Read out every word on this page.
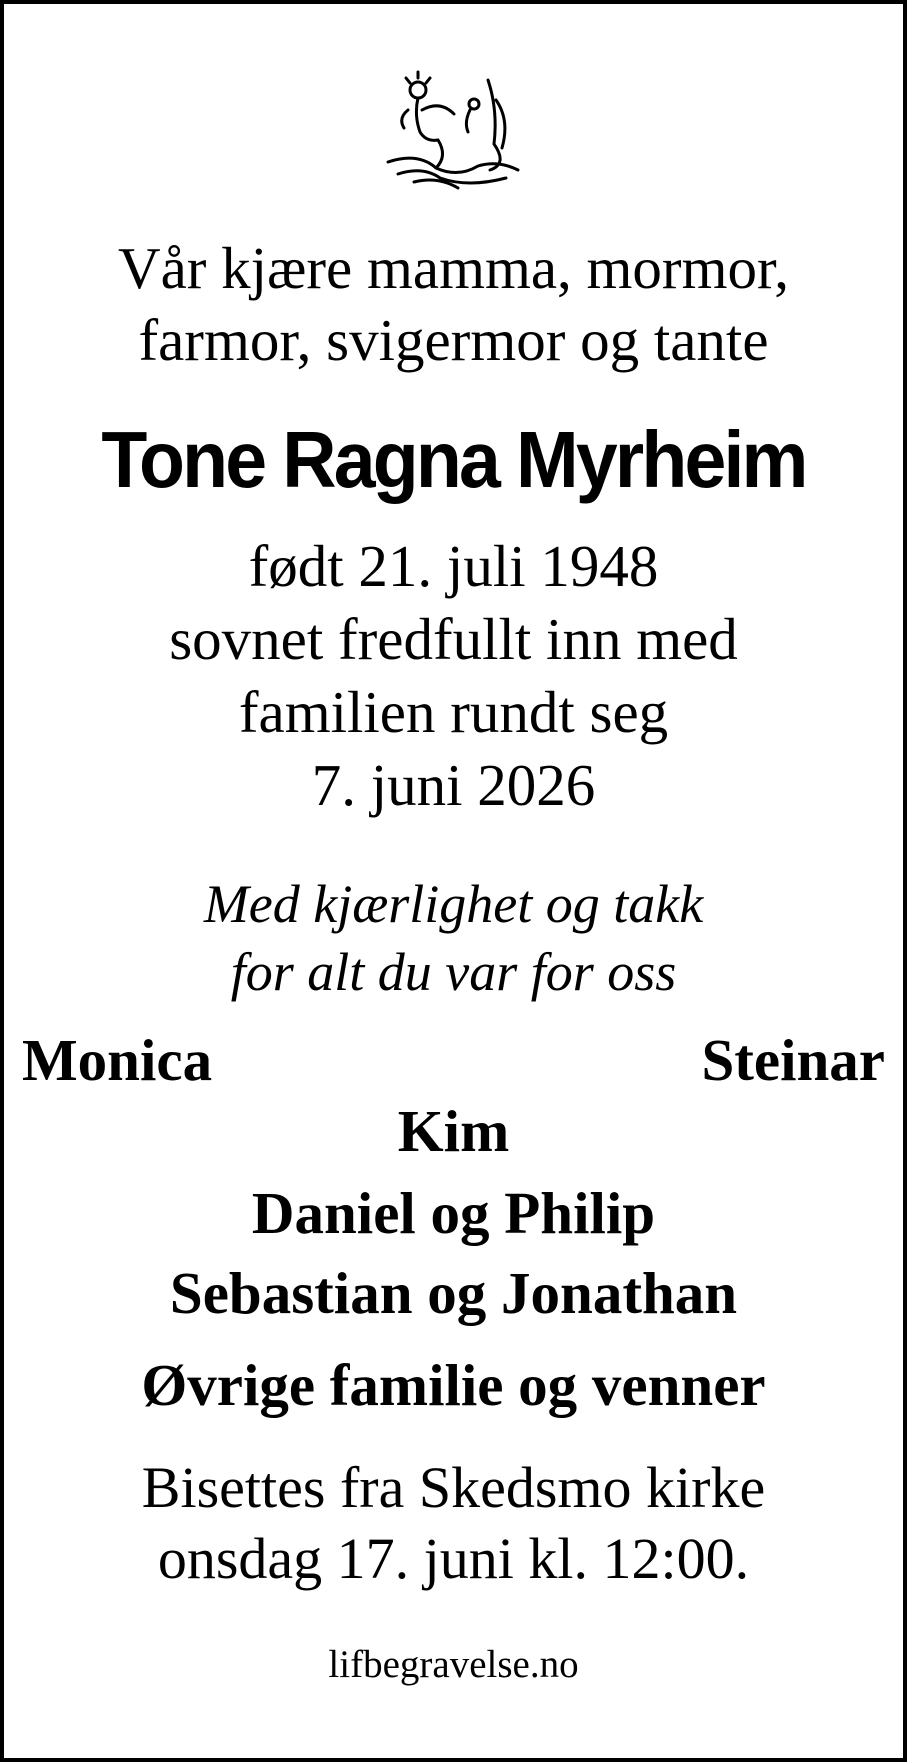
Vår kjære mamma, mormor,
farmor, svigermor og tante

Tone Ragna Myrheim

født 21. juli 1948
sovnet fredfullt inn med
familien rundt seg
7. juni 2026

Med kjærlighet og takk
for alt du var for oss

Monica	Steinar

Kim

Daniel og Philip

Sebastian og Jonathan

Øvrige familie og venner

Bisettes fra Skedsmo kirke
onsdag 17. juni kl. 12:00.

lifbegravelse.no
